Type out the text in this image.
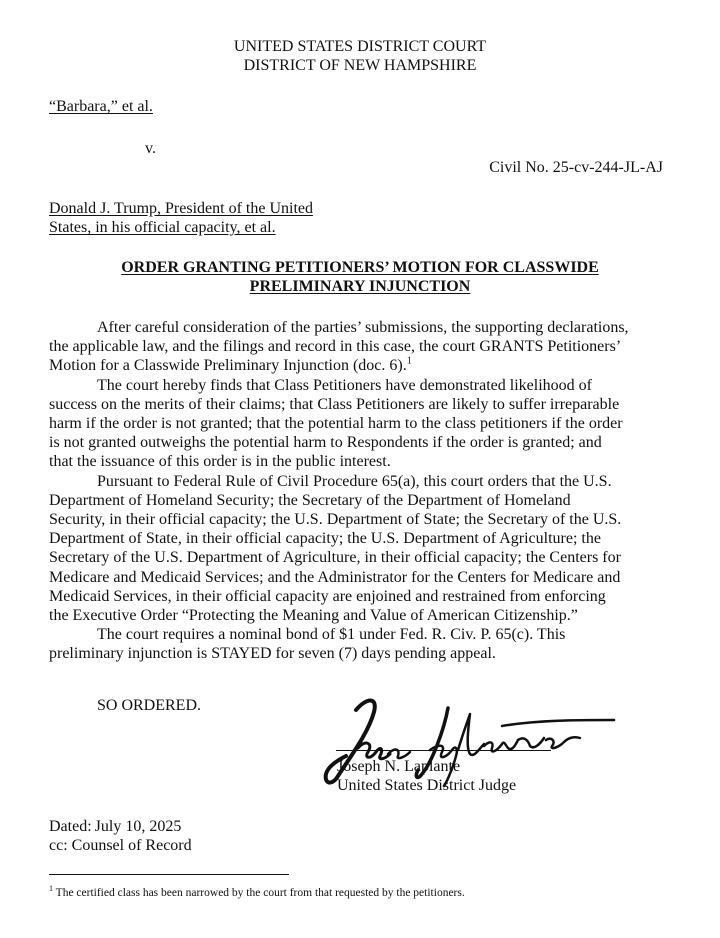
UNITED STATES DISTRICT COURT
DISTRICT OF NEW HAMPSHIRE
“Barbara,” et al.
v.
Civil No. 25-cv-244-JL-AJ
Donald J. Trump, President of the United
States, in his official capacity, et al.
ORDER GRANTING PETITIONERS’ MOTION FOR CLASSWIDE
PRELIMINARY INJUNCTION
After careful consideration of the parties’ submissions, the supporting declarations,
the applicable law, and the filings and record in this case, the court GRANTS Petitioners’
Motion for a Classwide Preliminary Injunction (doc. 6).$^1$
The court hereby finds that Class Petitioners have demonstrated likelihood of
success on the merits of their claims; that Class Petitioners are likely to suffer irreparable
harm if the order is not granted; that the potential harm to the class petitioners if the order
is not granted outweighs the potential harm to Respondents if the order is granted; and
that the issuance of this order is in the public interest.
Pursuant to Federal Rule of Civil Procedure 65(a), this court orders that the U.S.
Department of Homeland Security; the Secretary of the Department of Homeland
Security, in their official capacity; the U.S. Department of State; the Secretary of the U.S.
Department of State, in their official capacity; the U.S. Department of Agriculture; the
Secretary of the U.S. Department of Agriculture, in their official capacity; the Centers for
Medicare and Medicaid Services; and the Administrator for the Centers for Medicare and
Medicaid Services, in their official capacity are enjoined and restrained from enforcing
the Executive Order “Protecting the Meaning and Value of American Citizenship.”
The court requires a nominal bond of $1 under Fed. R. Civ. P. 65(c). This
preliminary injunction is STAYED for seven (7) days pending appeal.
SO ORDERED.
Joseph N. Laplante
United States District Judge
Dated: July 10, 2025
cc: Counsel of Record
$^1$ The certified class has been narrowed by the court from that requested by the petitioners.
